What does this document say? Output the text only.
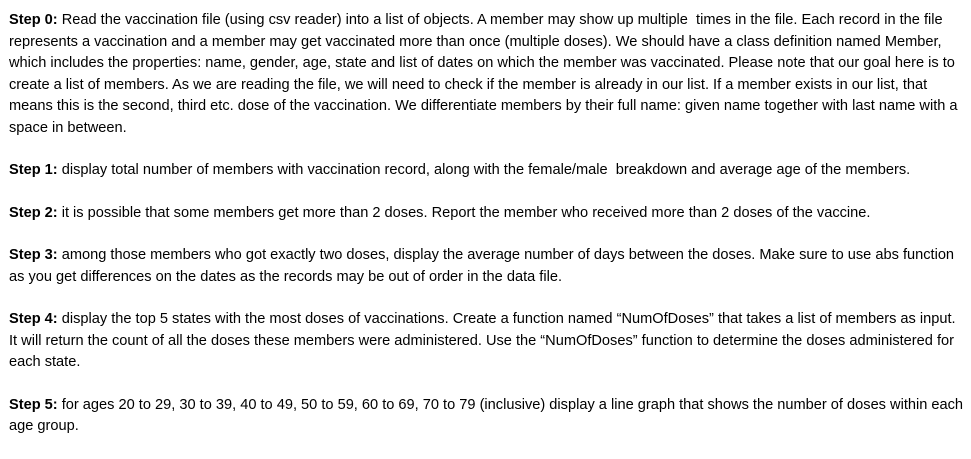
Step 0: Read the vaccination file (using csv reader) into a list of objects. A member may show up multiple  times in the file. Each record in the file represents a vaccination and a member may get vaccinated more than once (multiple doses). We should have a class definition named Member, which includes the properties: name, gender, age, state and list of dates on which the member was vaccinated. Please note that our goal here is to create a list of members. As we are reading the file, we will need to check if the member is already in our list. If a member exists in our list, that means this is the second, third etc. dose of the vaccination. We differentiate members by their full name: given name together with last name with a space in between.

Step 1: display total number of members with vaccination record, along with the female/male  breakdown and average age of the members.

Step 2: it is possible that some members get more than 2 doses. Report the member who received more than 2 doses of the vaccine.

Step 3: among those members who got exactly two doses, display the average number of days between the doses. Make sure to use abs function as you get differences on the dates as the records may be out of order in the data file.

Step 4: display the top 5 states with the most doses of vaccinations. Create a function named “NumOfDoses” that takes a list of members as input. It will return the count of all the doses these members were administered. Use the “NumOfDoses” function to determine the doses administered for each state.

Step 5: for ages 20 to 29, 30 to 39, 40 to 49, 50 to 59, 60 to 69, 70 to 79 (inclusive) display a line graph that shows the number of doses within each age group.
